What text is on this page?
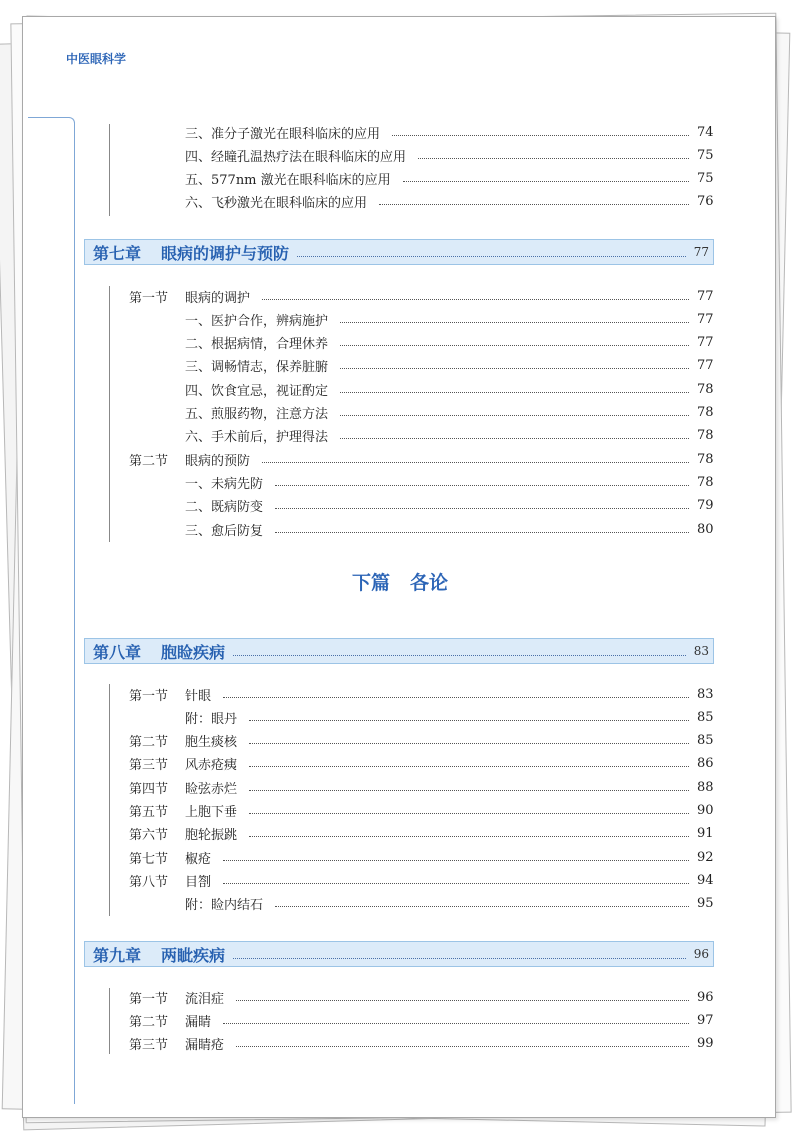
中医眼科学
三、准分子激光在眼科临床的应用	74
四、经瞳孔温热疗法在眼科临床的应用	75
五、577nm 激光在眼科临床的应用	75
六、飞秒激光在眼科临床的应用	76
第七章 眼病的调护与预防	77
第一节	眼病的调护	77
一、医护合作，辨病施护	77
二、根据病情，合理休养	77
三、调畅情志，保养脏腑	77
四、饮食宜忌，视证酌定	78
五、煎服药物，注意方法	78
六、手术前后，护理得法	78
第二节	眼病的预防	78
一、未病先防	78
二、既病防变	79
三、愈后防复	80
第八章 胞睑疾病	83
第一节	针眼	83
附：眼丹	85
第二节	胞生痰核	85
第三节	风赤疮痍	86
第四节	睑弦赤烂	88
第五节	上胞下垂	90
第六节	胞轮振跳	91
第七节	椒疮	92
第八节	目劄	94
附：睑内结石	95
第九章 两眦疾病	96
第一节	流泪症	96
第二节	漏睛	97
第三节	漏睛疮	99
下篇 各论
